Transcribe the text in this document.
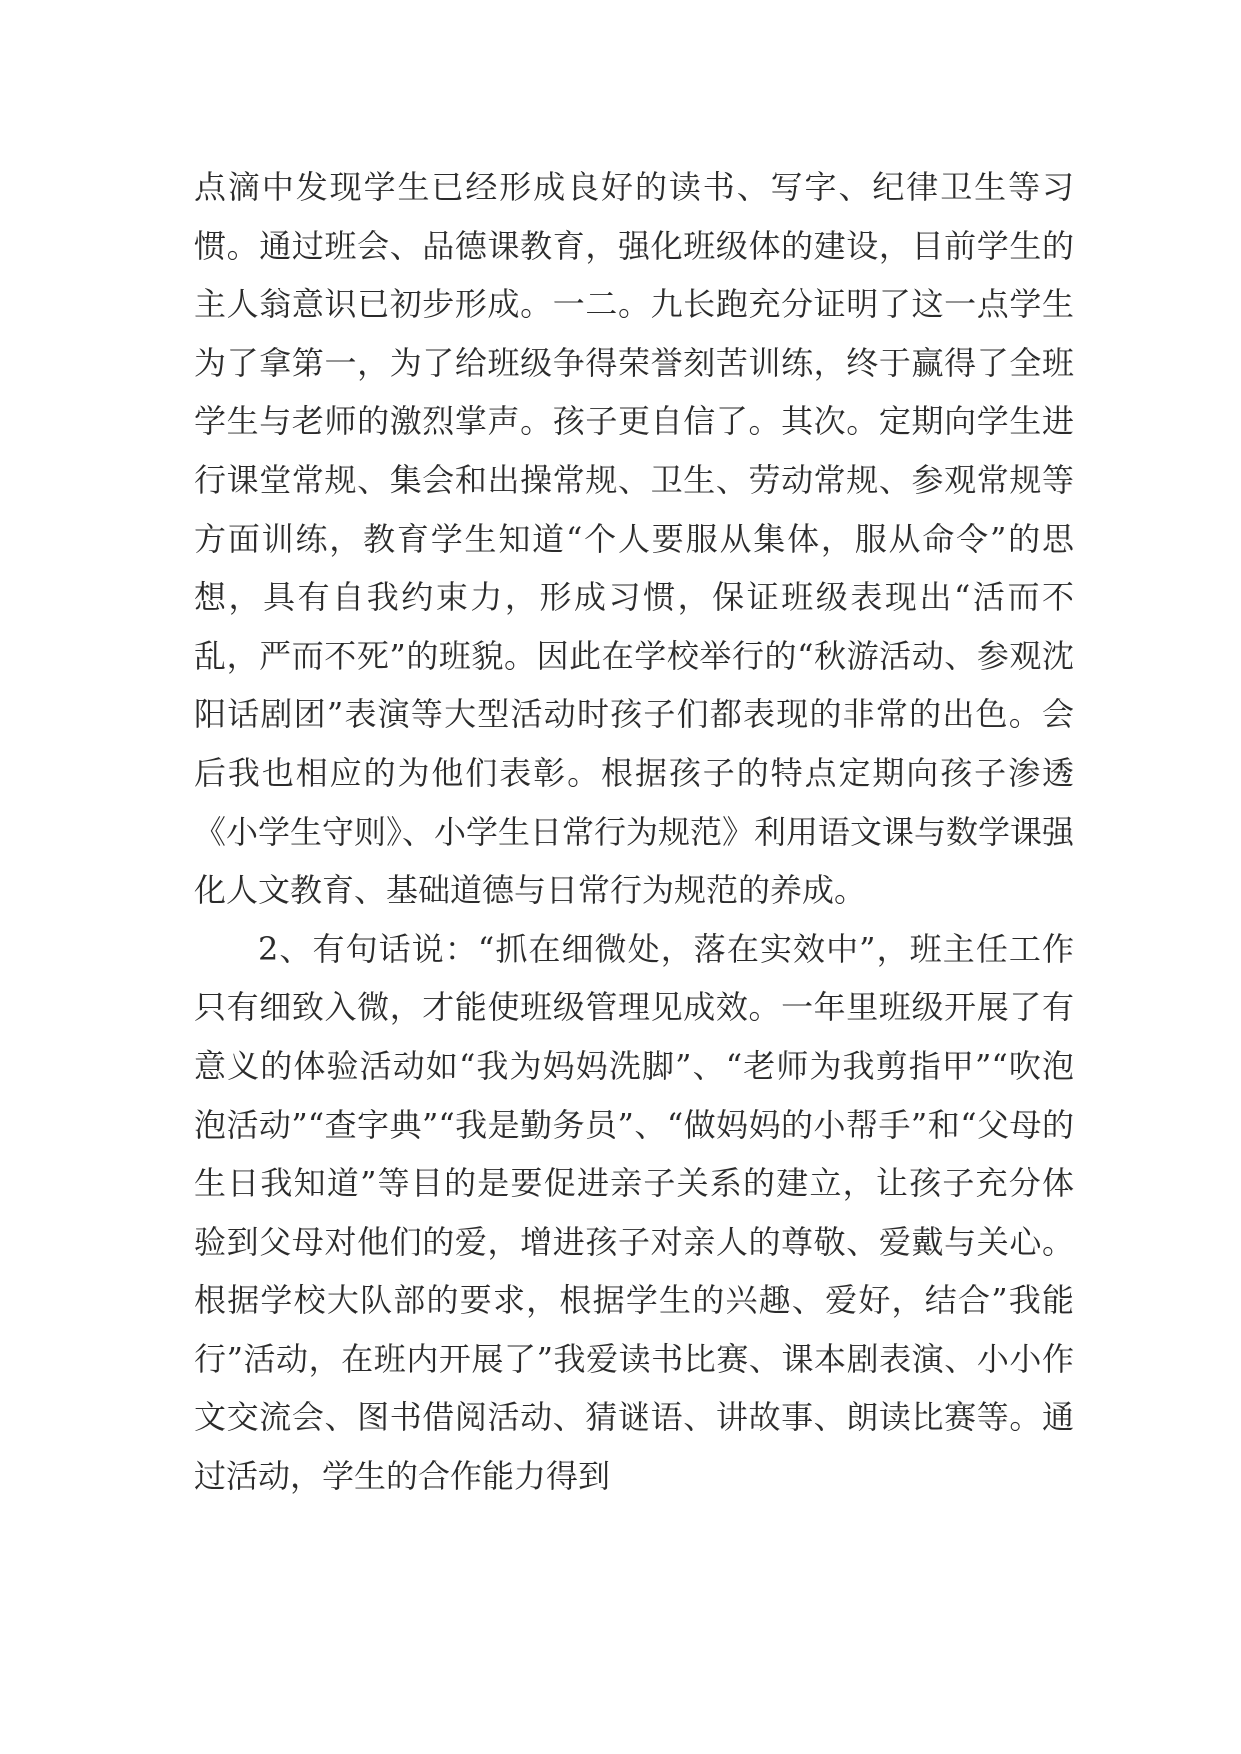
点滴中发现学生已经形成良好的读书、写字、纪律卫生等习惯。通过班会、品德课教育，强化班级体的建设，目前学生的主人翁意识已初步形成。一二。九长跑充分证明了这一点学生为了拿第一，为了给班级争得荣誉刻苦训练，终于赢得了全班学生与老师的激烈掌声。孩子更自信了。其次。定期向学生进行课堂常规、集会和出操常规、卫生、劳动常规、参观常规等方面训练，教育学生知道“个人要服从集体，服从命令”的思想，具有自我约束力，形成习惯，保证班级表现出“活而不乱，严而不死”的班貌。因此在学校举行的“秋游活动、参观沈阳话剧团”表演等大型活动时孩子们都表现的非常的出色。会后我也相应的为他们表彰。根据孩子的特点定期向孩子渗透《小学生守则》、小学生日常行为规范》利用语文课与数学课强化人文教育、基础道德与日常行为规范的养成。

2、有句话说：“抓在细微处，落在实效中”，班主任工作只有细致入微，才能使班级管理见成效。一年里班级开展了有意义的体验活动如“我为妈妈洗脚”、“老师为我剪指甲”“吹泡泡活动”“查字典”“我是勤务员”、“做妈妈的小帮手”和“父母的生日我知道”等目的是要促进亲子关系的建立，让孩子充分体验到父母对他们的爱，增进孩子对亲人的尊敬、爱戴与关心。根据学校大队部的要求，根据学生的兴趣、爱好，结合”我能行”活动，在班内开展了”我爱读书比赛、课本剧表演、小小作文交流会、图书借阅活动、猜谜语、讲故事、朗读比赛等。通过活动，学生的合作能力得到
